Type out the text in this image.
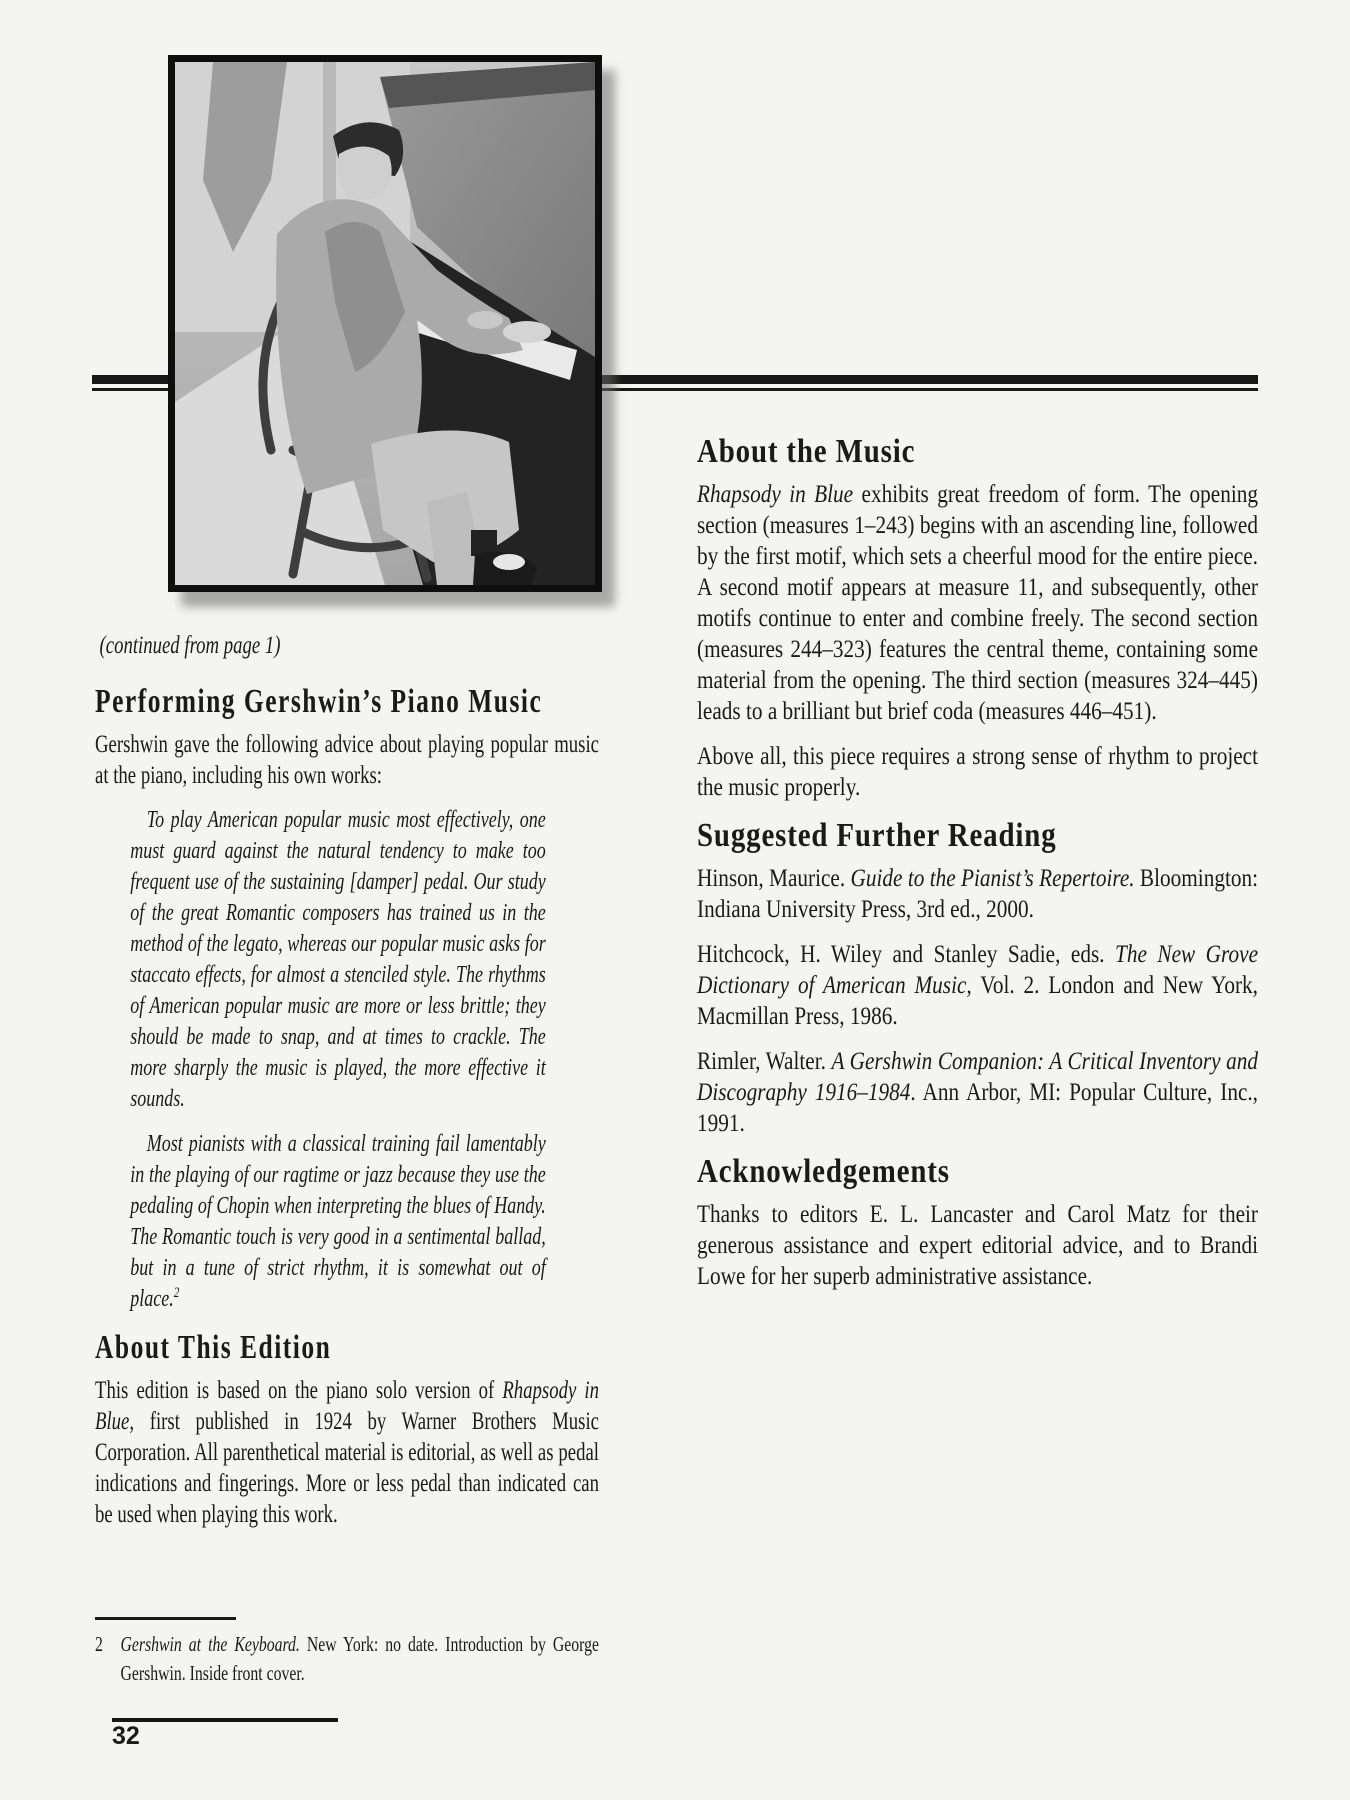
(continued from page 1)

Performing Gershwin’s Piano Music

Gershwin gave the following advice about playing popular music at the piano, including his own works:

To play American popular music most effectively, one must guard against the natural tendency to make too frequent use of the sustaining [damper] pedal. Our study of the great Romantic composers has trained us in the method of the legato, whereas our popular music asks for staccato effects, for almost a stenciled style. The rhythms of American popular music are more or less brittle; they should be made to snap, and at times to crackle. The more sharply the music is played, the more effective it sounds.

Most pianists with a classical training fail lamentably in the playing of our ragtime or jazz because they use the pedaling of Chopin when interpreting the blues of Handy. The Romantic touch is very good in a sentimental ballad, but in a tune of strict rhythm, it is somewhat out of place.$^2$

About This Edition

This edition is based on the piano solo version of Rhapsody in Blue, first published in 1924 by Warner Brothers Music Corporation. All parenthetical material is editorial, as well as pedal indications and fingerings. More or less pedal than indicated can be used when playing this work.

About the Music

Rhapsody in Blue exhibits great freedom of form. The opening section (measures 1–243) begins with an ascending line, followed by the first motif, which sets a cheerful mood for the entire piece. A second motif appears at measure 11, and subsequently, other motifs continue to enter and combine freely. The second section (measures 244–323) features the central theme, containing some material from the opening. The third section (measures 324–445) leads to a brilliant but brief coda (measures 446–451).

Above all, this piece requires a strong sense of rhythm to project the music properly.

Suggested Further Reading

Hinson, Maurice. Guide to the Pianist’s Repertoire. Bloomington: Indiana University Press, 3rd ed., 2000.

Hitchcock, H. Wiley and Stanley Sadie, eds. The New Grove Dictionary of American Music, Vol. 2. London and New York, Macmillan Press, 1986.

Rimler, Walter. A Gershwin Companion: A Critical Inventory and Discography 1916–1984. Ann Arbor, MI: Popular Culture, Inc., 1991.

Acknowledgements

Thanks to editors E. L. Lancaster and Carol Matz for their generous assistance and expert editorial advice, and to Brandi Lowe for her superb administrative assistance.

2 Gershwin at the Keyboard. New York: no date. Introduction by George Gershwin. Inside front cover.
32
